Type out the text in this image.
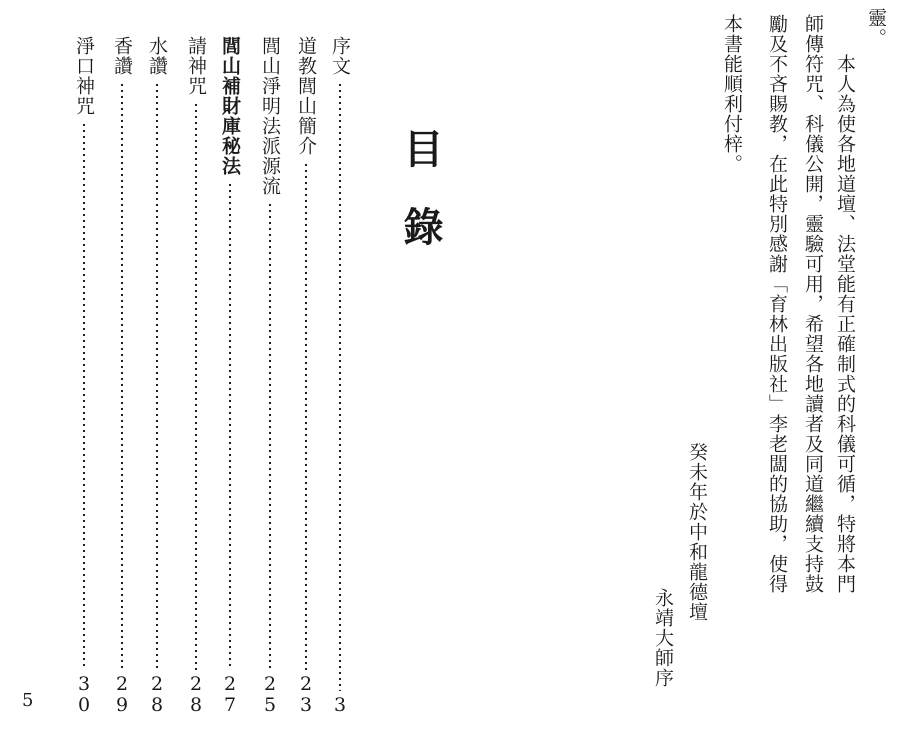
靈。
　本人為使各地道壇、法堂能有正確制式的科儀可循，特將本門
師傳符咒、科儀公開，靈驗可用，希望各地讀者及同道繼續支持鼓
勵及不吝賜教，在此特別感謝「育林出版社」李老闆的協助，使得
本書能順利付梓。
癸未年於中和龍德壇
永靖大師序
目錄
序文
3
道教閭山簡介
23
閭山淨明法派源流
25
閭山補財庫秘法
27
請神咒
28
水讚
28
香讚
29
淨口神咒
30
5
